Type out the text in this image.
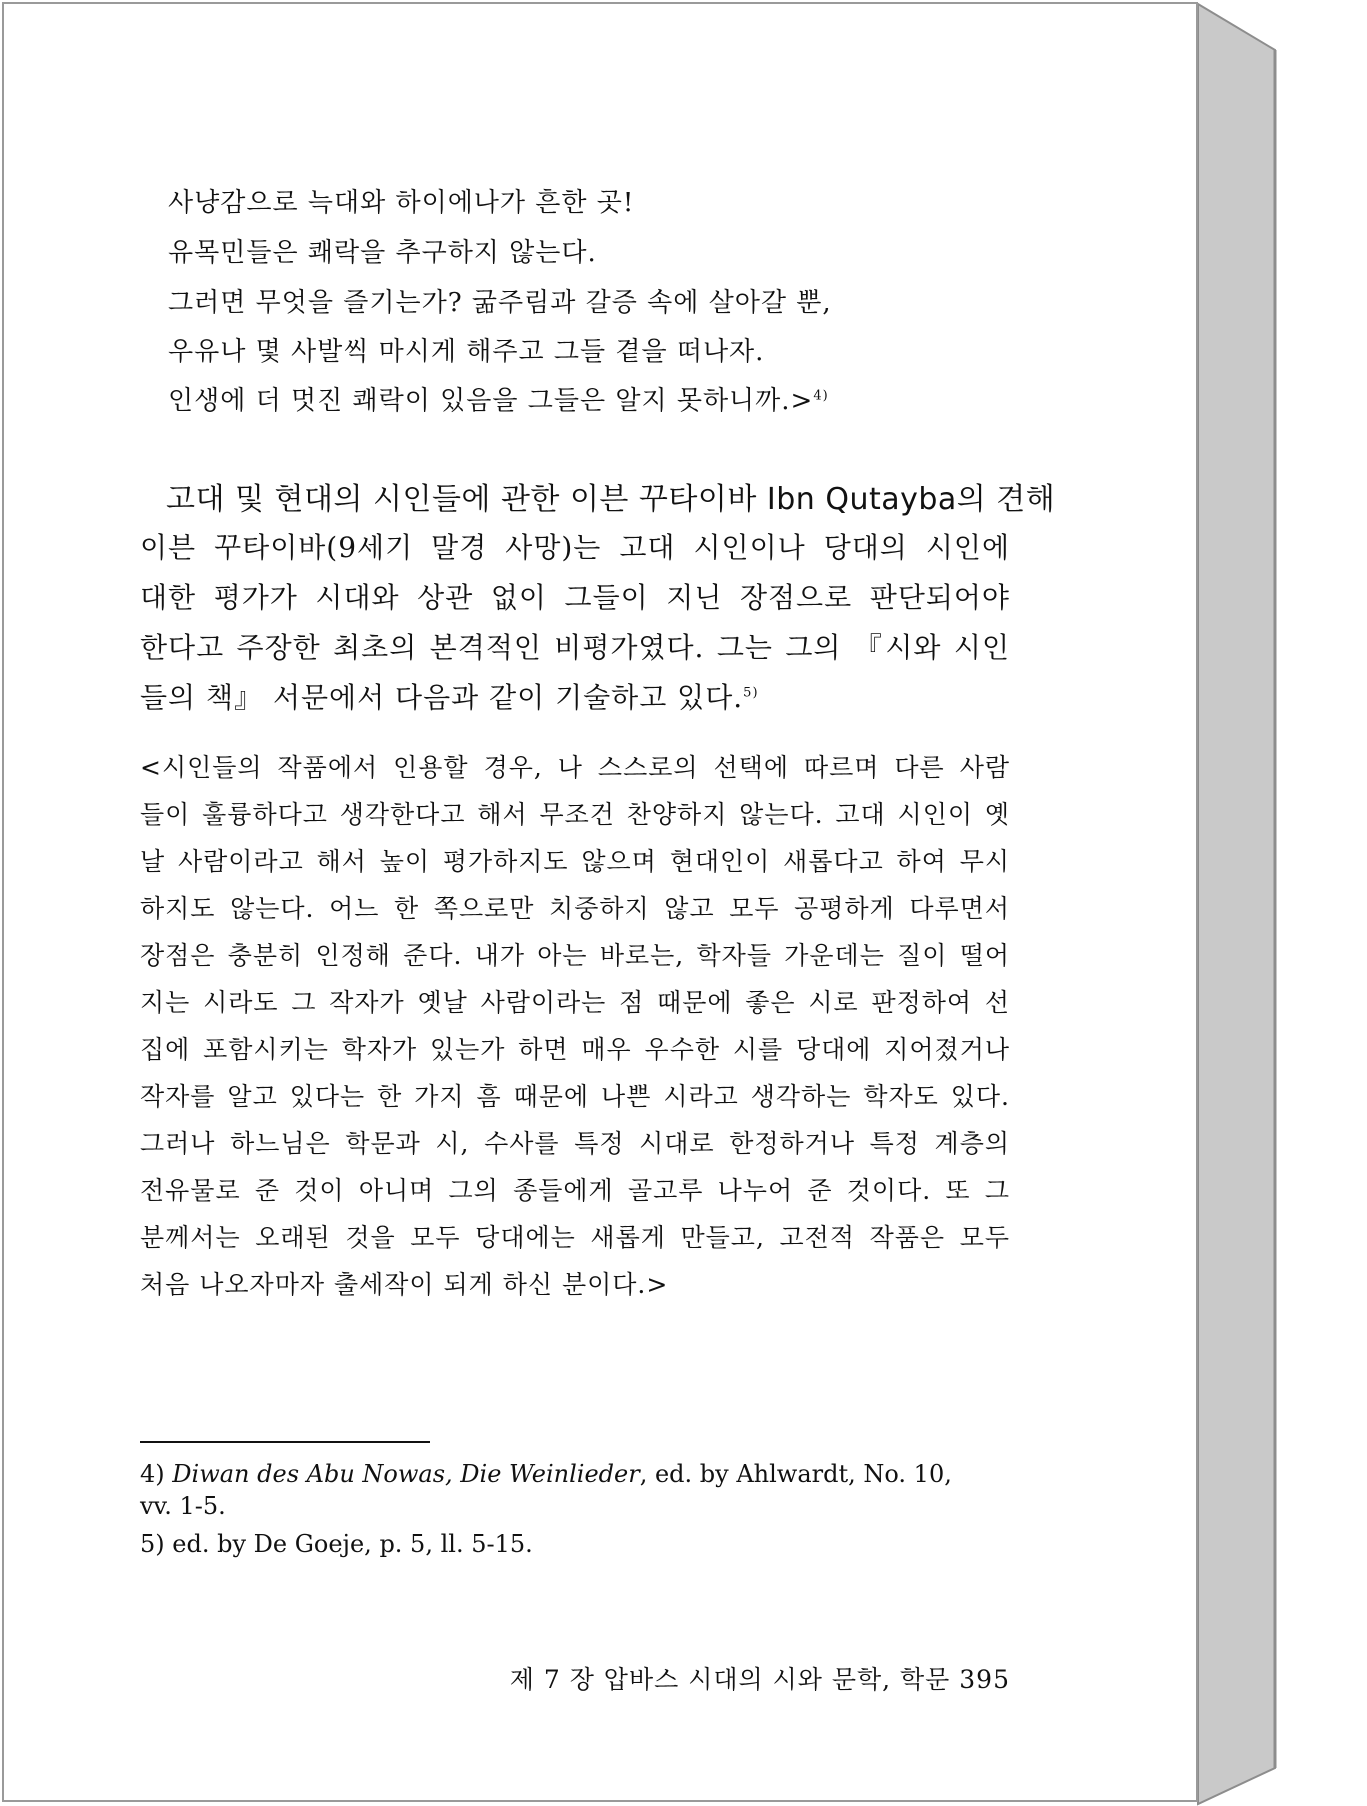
사냥감으로 늑대와 하이에나가 흔한 곳!
유목민들은 쾌락을 추구하지 않는다.
그러면 무엇을 즐기는가? 굶주림과 갈증 속에 살아갈 뿐,
우유나 몇 사발씩 마시게 해주고 그들 곁을 떠나자.
인생에 더 멋진 쾌락이 있음을 그들은 알지 못하니까.>$^{4)}$
고대 및 현대의 시인들에 관한 이븐 꾸타이바 Ibn Qutayba의 견해
이븐 꾸타이바(9세기 말경 사망)는 고대 시인이나 당대의 시인에
대한 평가가 시대와 상관 없이 그들이 지닌 장점으로 판단되어야
한다고 주장한 최초의 본격적인 비평가였다. 그는 그의 『시와 시인
들의 책』 서문에서 다음과 같이 기술하고 있다.$^{5)}$
<시인들의 작품에서 인용할 경우, 나 스스로의 선택에 따르며 다른 사람
들이 훌륭하다고 생각한다고 해서 무조건 찬양하지 않는다. 고대 시인이 옛
날 사람이라고 해서 높이 평가하지도 않으며 현대인이 새롭다고 하여 무시
하지도 않는다. 어느 한 쪽으로만 치중하지 않고 모두 공평하게 다루면서
장점은 충분히 인정해 준다. 내가 아는 바로는, 학자들 가운데는 질이 떨어
지는 시라도 그 작자가 옛날 사람이라는 점 때문에 좋은 시로 판정하여 선
집에 포함시키는 학자가 있는가 하면 매우 우수한 시를 당대에 지어졌거나
작자를 알고 있다는 한 가지 흠 때문에 나쁜 시라고 생각하는 학자도 있다.
그러나 하느님은 학문과 시, 수사를 특정 시대로 한정하거나 특정 계층의
전유물로 준 것이 아니며 그의 종들에게 골고루 나누어 준 것이다. 또 그
분께서는 오래된 것을 모두 당대에는 새롭게 만들고, 고전적 작품은 모두
처음 나오자마자 출세작이 되게 하신 분이다.>
4) Diwan des Abu Nowas, Die Weinlieder, ed. by Ahlwardt, No. 10,
vv. 1-5.
5) ed. by De Goeje, p. 5, ll. 5-15.
제 7 장 압바스 시대의 시와 문학, 학문 395
